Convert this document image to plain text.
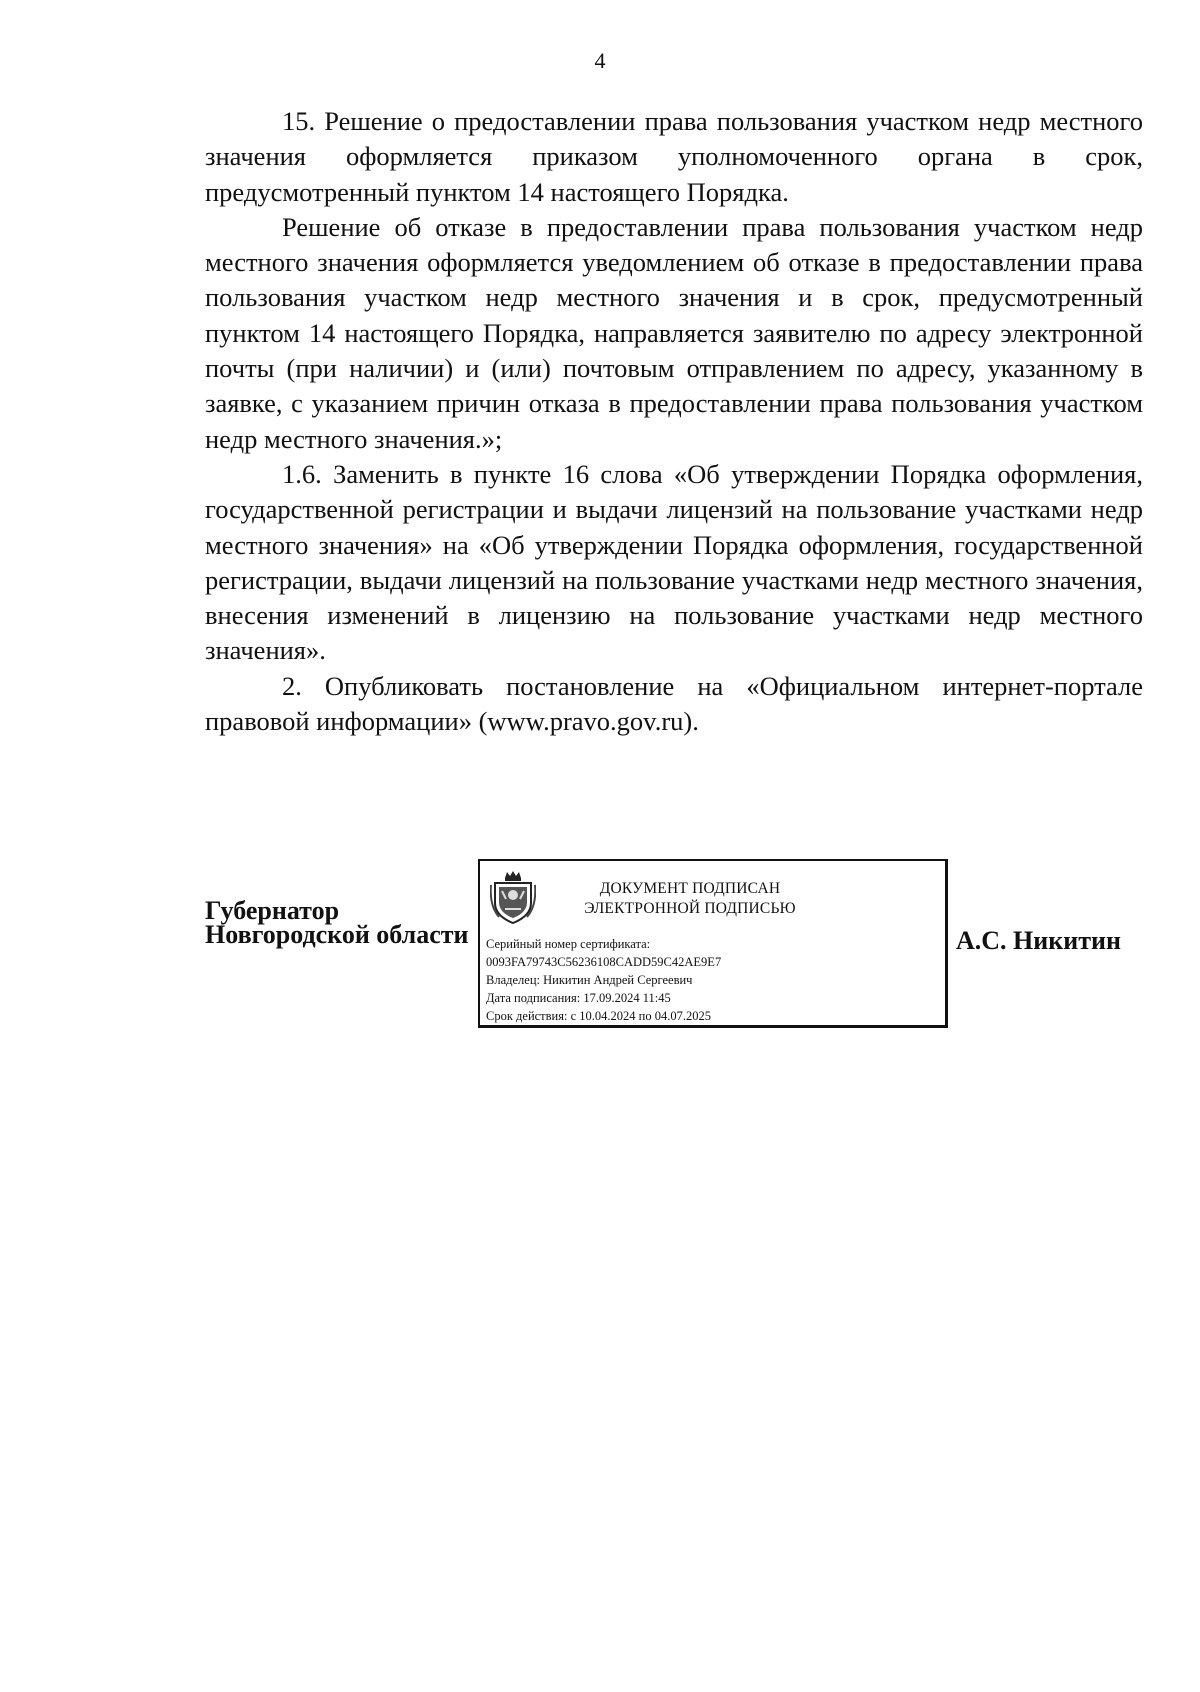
4

15. Решение о предоставлении права пользования участком недр местного значения оформляется приказом уполномоченного органа в срок, предусмотренный пунктом 14 настоящего Порядка.

Решение об отказе в предоставлении права пользования участком недр местного значения оформляется уведомлением об отказе в предоставлении права пользования участком недр местного значения и в срок, предусмотренный пунктом 14 настоящего Порядка, направляется заявителю по адресу электронной почты (при наличии) и (или) почтовым отправлением по адресу, указанному в заявке, с указанием причин отказа в предоставлении права пользования участком недр местного значения.»;

1.6. Заменить в пункте 16 слова «Об утверждении Порядка оформления, государственной регистрации и выдачи лицензий на пользование участками недр местного значения» на «Об утверждении Порядка оформления, государственной регистрации, выдачи лицензий на пользование участками недр местного значения, внесения изменений в лицензию на пользование участками недр местного значения».

2. Опубликовать постановление на «Официальном интернет-портале правовой информации» (www.pravo.gov.ru).

Губернатор
Новгородской области
ДОКУМЕНТ ПОДПИСАН
ЭЛЕКТРОННОЙ ПОДПИСЬЮ
Серийный номер сертификата:
0093FA79743C56236108CADD59C42AE9E7
Владелец: Никитин Андрей Сергеевич
Дата подписания: 17.09.2024 11:45
Срок действия: с 10.04.2024 по 04.07.2025
А.С. Никитин
